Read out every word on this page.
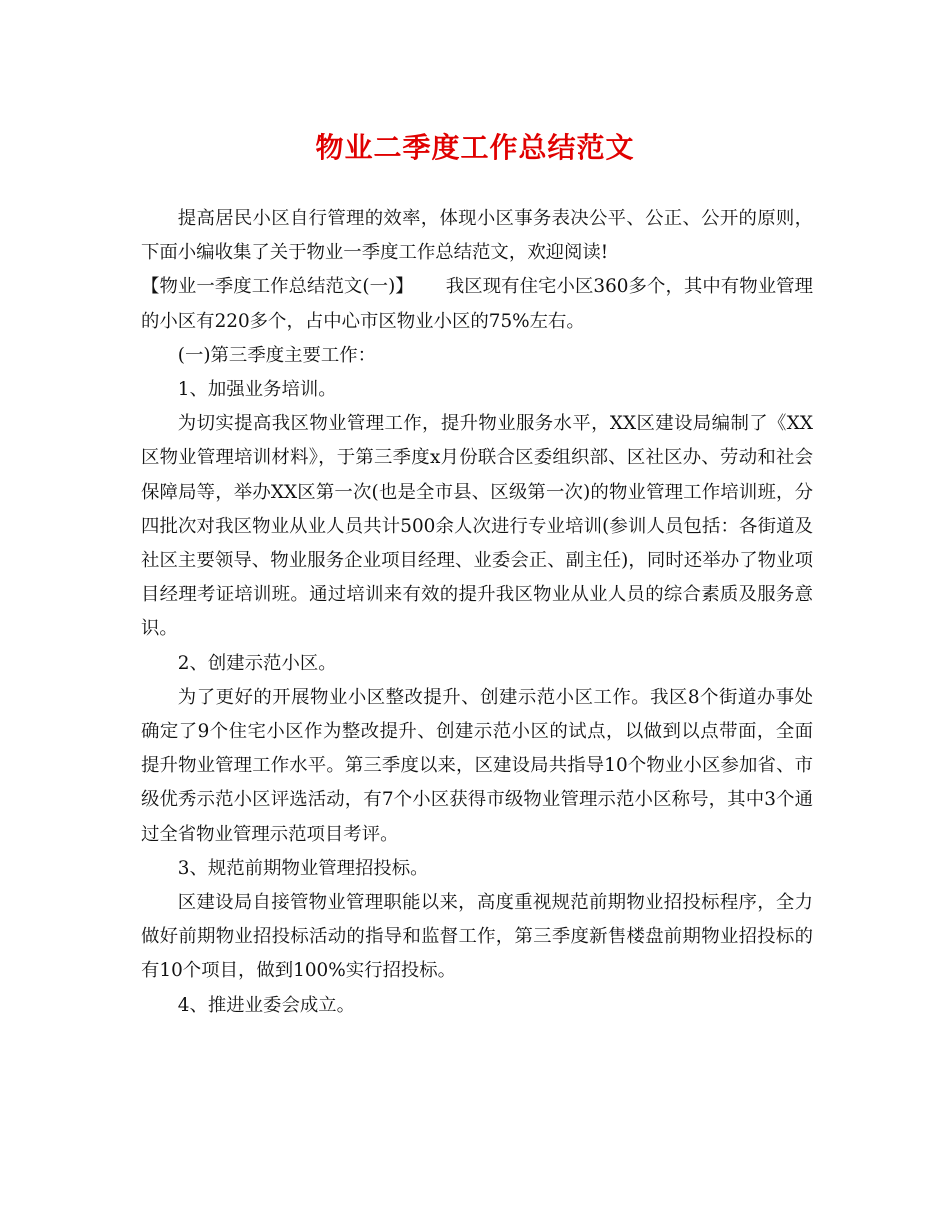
物业二季度工作总结范文

提高居民小区自行管理的效率，体现小区事务表决公平、公正、公开的原则，下面小编收集了关于物业一季度工作总结范文，欢迎阅读!

【物业一季度工作总结范文(一)】 我区现有住宅小区360多个，其中有物业管理的小区有220多个，占中心市区物业小区的75%左右。

(一)第三季度主要工作：

1、加强业务培训。

为切实提高我区物业管理工作，提升物业服务水平，XX区建设局编制了《XX区物业管理培训材料》，于第三季度x月份联合区委组织部、区社区办、劳动和社会保障局等，举办XX区第一次(也是全市县、区级第一次)的物业管理工作培训班，分四批次对我区物业从业人员共计500余人次进行专业培训(参训人员包括：各街道及社区主要领导、物业服务企业项目经理、业委会正、副主任)，同时还举办了物业项目经理考证培训班。通过培训来有效的提升我区物业从业人员的综合素质及服务意识。

2、创建示范小区。

为了更好的开展物业小区整改提升、创建示范小区工作。我区8个街道办事处确定了9个住宅小区作为整改提升、创建示范小区的试点，以做到以点带面，全面提升物业管理工作水平。第三季度以来，区建设局共指导10个物业小区参加省、市级优秀示范小区评选活动，有7个小区获得市级物业管理示范小区称号，其中3个通过全省物业管理示范项目考评。

3、规范前期物业管理招投标。

区建设局自接管物业管理职能以来，高度重视规范前期物业招投标程序，全力做好前期物业招投标活动的指导和监督工作，第三季度新售楼盘前期物业招投标的有10个项目，做到100%实行招投标。

4、推进业委会成立。
